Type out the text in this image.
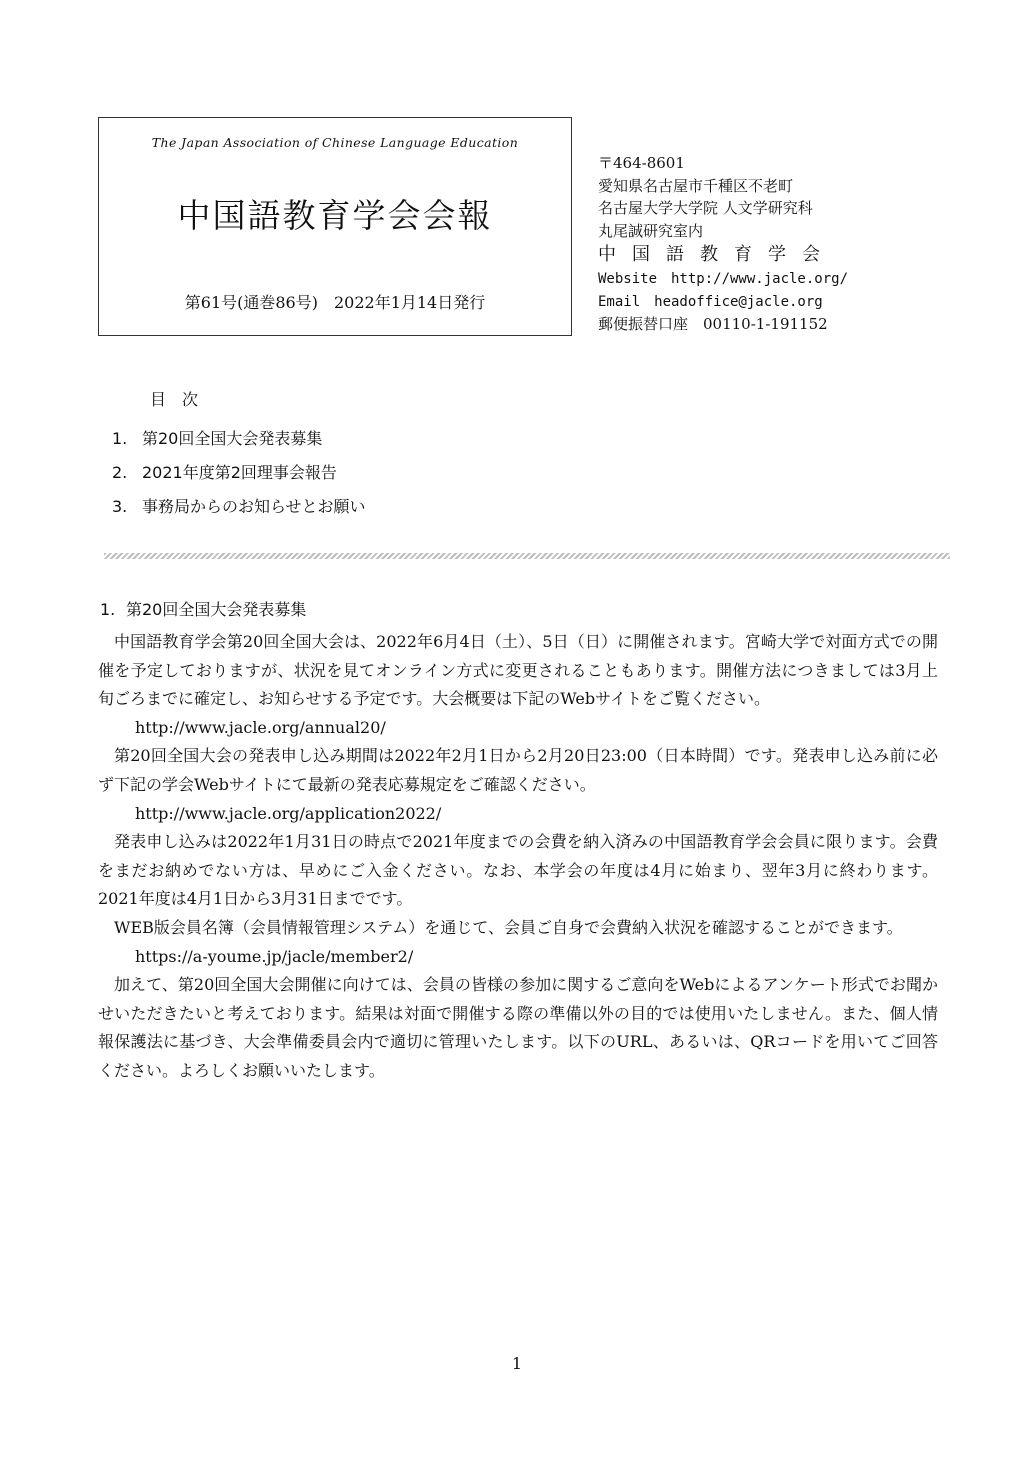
The Japan Association of Chinese Language Education
中国語教育学会会報
第61号(通巻86号)　2022年1月14日発行
〒464-8601
愛知県名古屋市千種区不老町
名古屋大学大学院 人文学研究科
丸尾誠研究室内
中国語教育学会
Website　http://www.jacle.org/
Email　headoffice@jacle.org
郵便振替口座　00110-1-191152
目次
1. 第20回全国大会発表募集
2. 2021年度第2回理事会報告
3. 事務局からのお知らせとお願い
1. 第20回全国大会発表募集

中国語教育学会第20回全国大会は、2022年6月4日（土）、5日（日）に開催されます。宮崎大学で対面方式での開催を予定しておりますが、状況を見てオンライン方式に変更されることもあります。開催方法につきましては3月上旬ごろまでに確定し、お知らせする予定です。大会概要は下記のWebサイトをご覧ください。

http://www.jacle.org/annual20/

第20回全国大会の発表申し込み期間は2022年2月1日から2月20日23:00（日本時間）です。発表申し込み前に必ず下記の学会Webサイトにて最新の発表応募規定をご確認ください。

http://www.jacle.org/application2022/

発表申し込みは2022年1月31日の時点で2021年度までの会費を納入済みの中国語教育学会会員に限ります。会費をまだお納めでない方は、早めにご入金ください。なお、本学会の年度は4月に始まり、翌年3月に終わります。2021年度は4月1日から3月31日までです。

WEB版会員名簿（会員情報管理システム）を通じて、会員ご自身で会費納入状況を確認することができます。

https://a-youme.jp/jacle/member2/

加えて、第20回全国大会開催に向けては、会員の皆様の参加に関するご意向をWebによるアンケート形式でお聞かせいただきたいと考えております。結果は対面で開催する際の準備以外の目的では使用いたしません。また、個人情報保護法に基づき、大会準備委員会内で適切に管理いたします。以下のURL、あるいは、QRコードを用いてご回答ください。よろしくお願いいたします。

1
